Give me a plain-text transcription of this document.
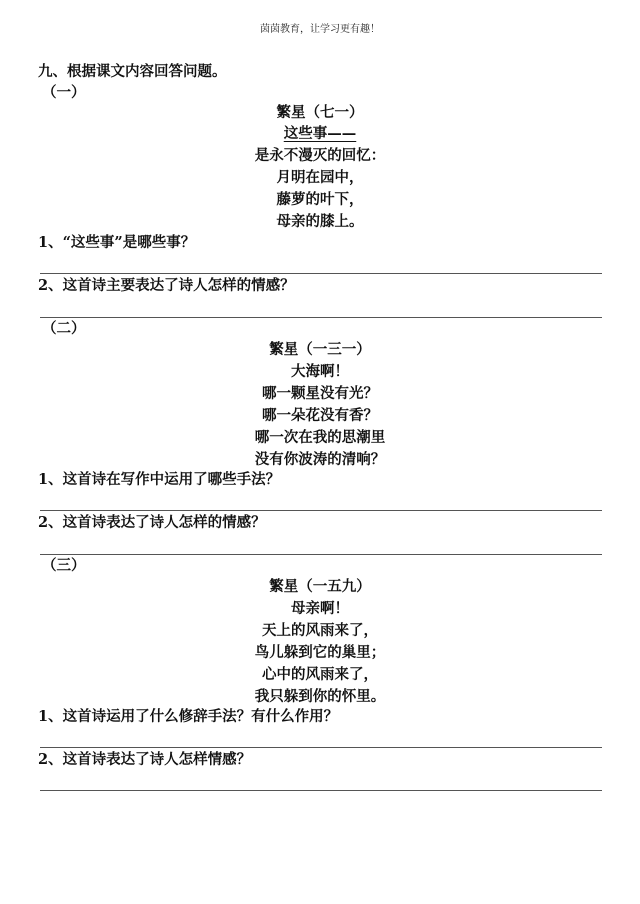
茵茵教育，让学习更有趣！
九、根据课文内容回答问题。
（一）
繁星（七一）
这些事——
是永不漫灭的回忆：
月明在园中，
藤萝的叶下，
母亲的膝上。
1、“这些事”是哪些事？
2、这首诗主要表达了诗人怎样的情感？
（二）
繁星（一三一）
大海啊！
哪一颗星没有光？
哪一朵花没有香？
哪一次在我的思潮里
没有你波涛的清响？
1、这首诗在写作中运用了哪些手法？
2、这首诗表达了诗人怎样的情感？
（三）
繁星（一五九）
母亲啊！
天上的风雨来了，
鸟儿躲到它的巢里；
心中的风雨来了，
我只躲到你的怀里。
1、这首诗运用了什么修辞手法？有什么作用？
2、这首诗表达了诗人怎样情感？
